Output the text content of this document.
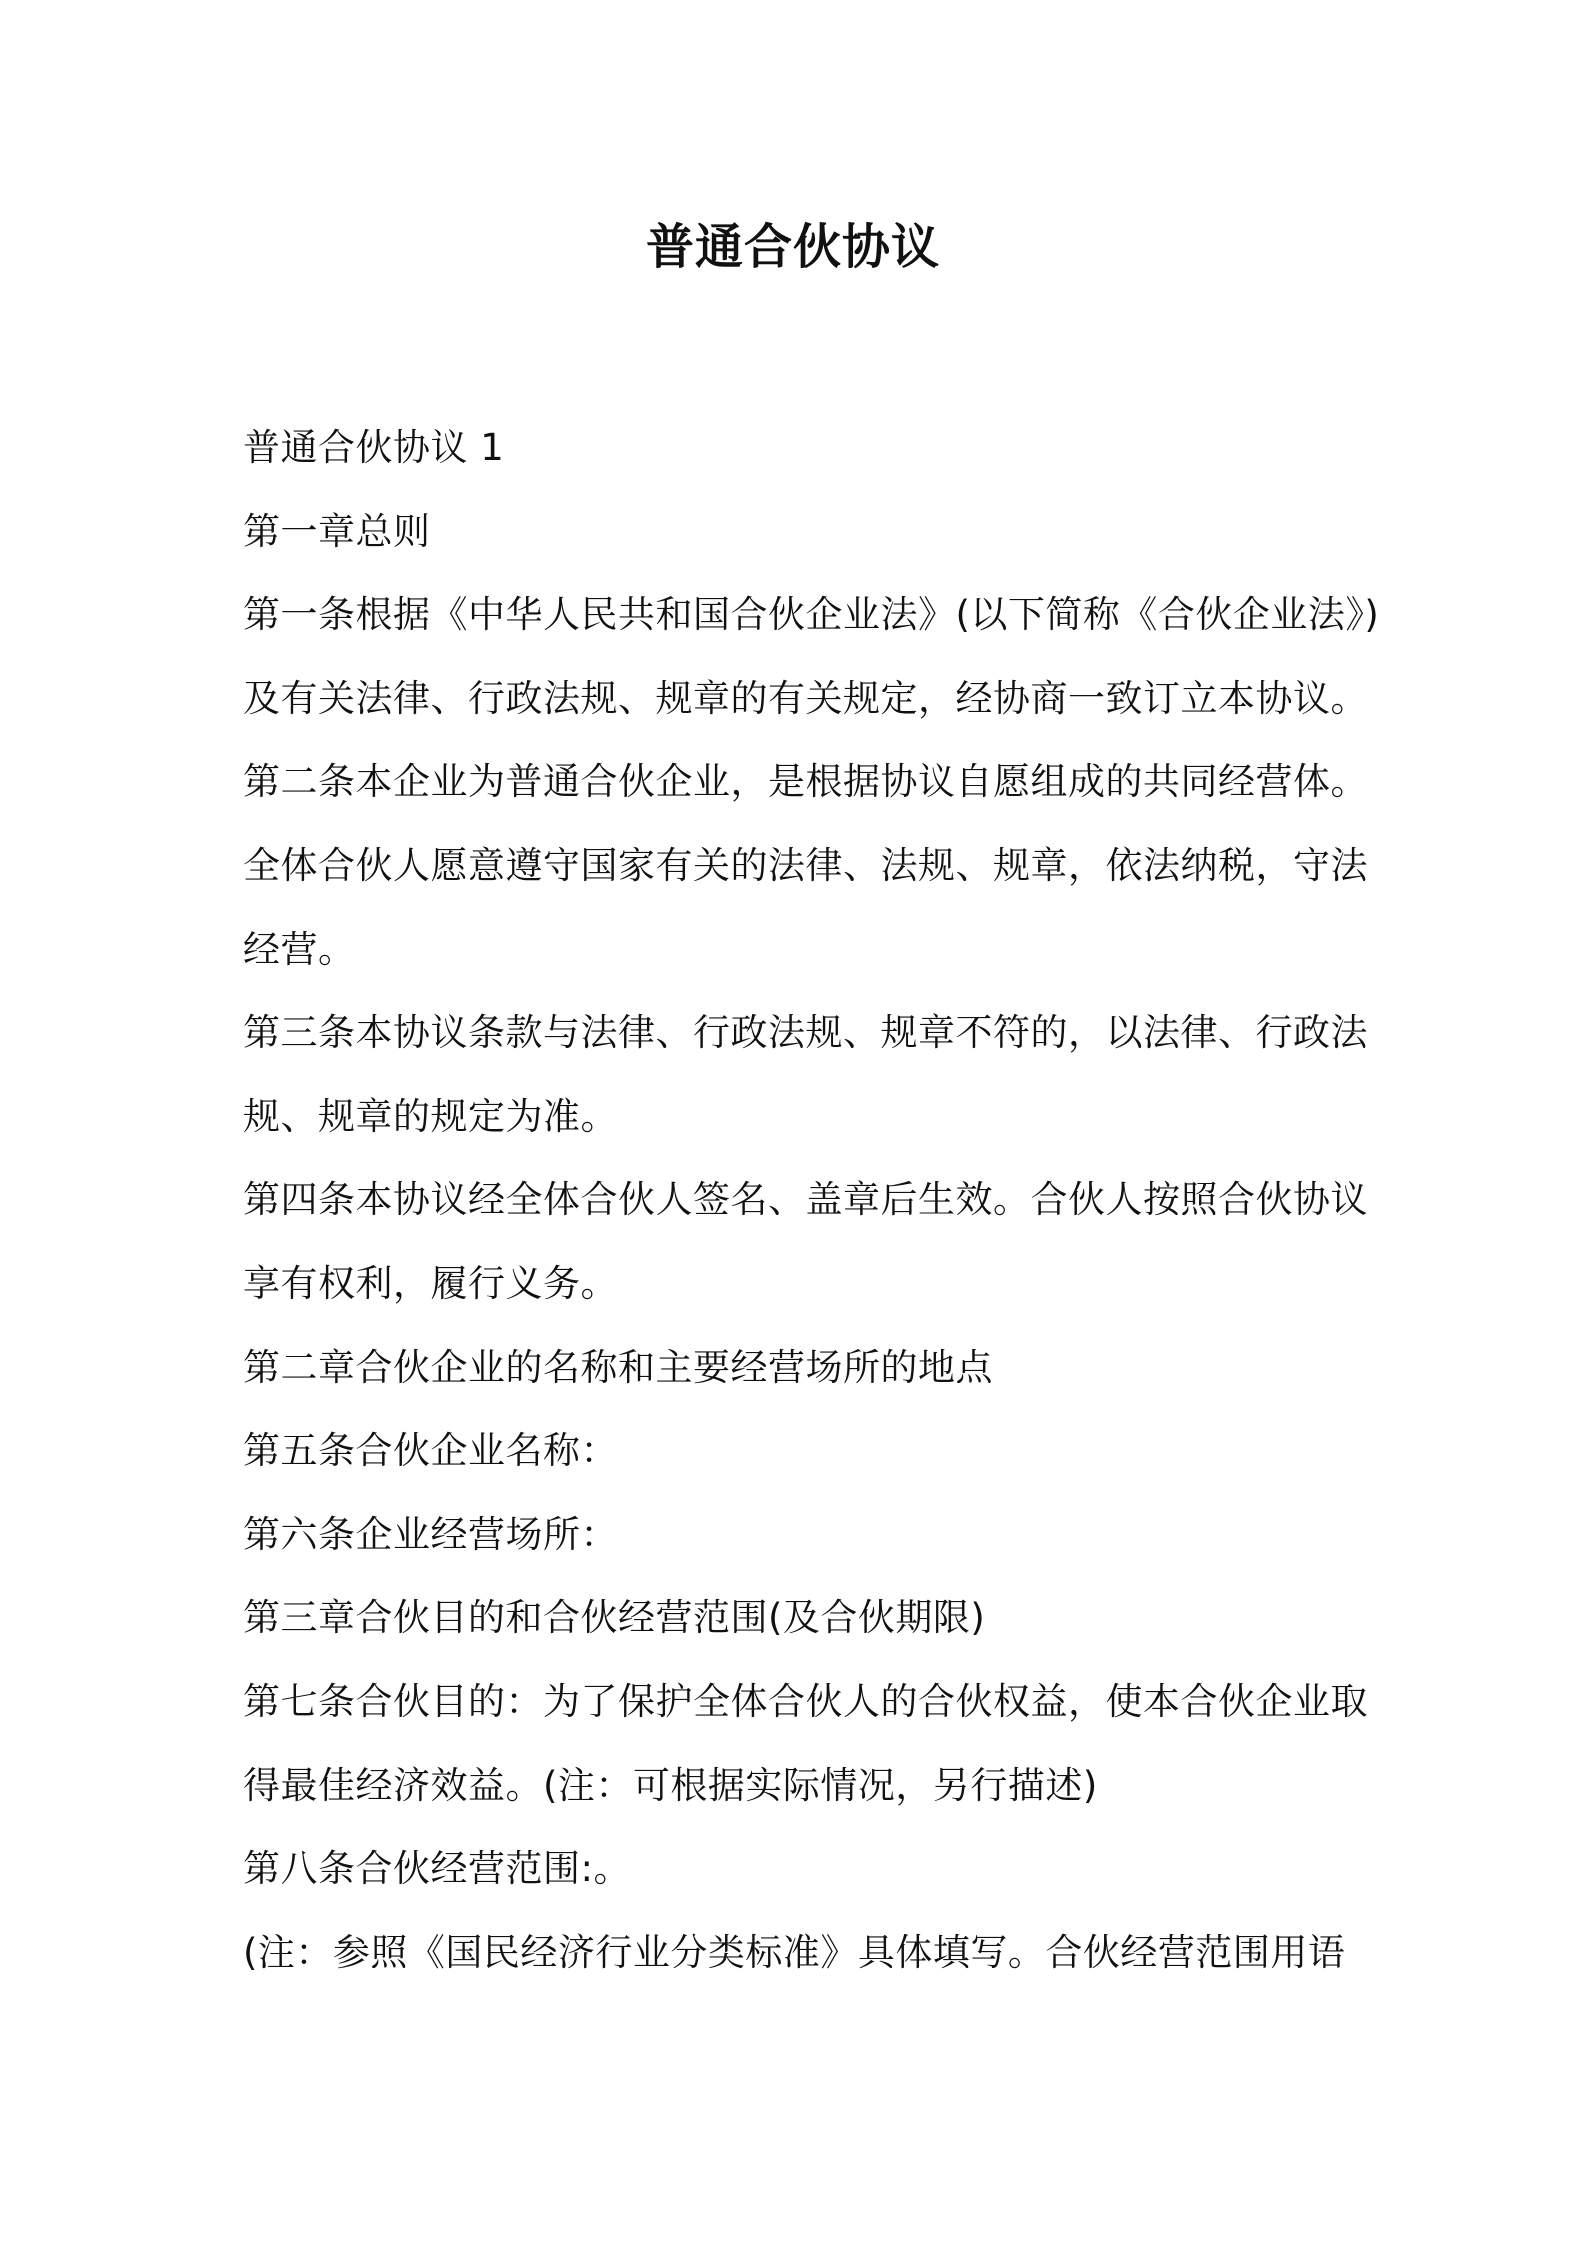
普通合伙协议

普通合伙协议 1

第一章总则

第一条根据《中华人民共和国合伙企业法》(以下简称《合伙企业法》)

及有关法律、行政法规、规章的有关规定，经协商一致订立本协议。

第二条本企业为普通合伙企业，是根据协议自愿组成的共同经营体。

全体合伙人愿意遵守国家有关的法律、法规、规章，依法纳税，守法

经营。

第三条本协议条款与法律、行政法规、规章不符的，以法律、行政法

规、规章的规定为准。

第四条本协议经全体合伙人签名、盖章后生效。合伙人按照合伙协议

享有权利，履行义务。

第二章合伙企业的名称和主要经营场所的地点

第五条合伙企业名称：

第六条企业经营场所：

第三章合伙目的和合伙经营范围(及合伙期限)

第七条合伙目的：为了保护全体合伙人的合伙权益，使本合伙企业取

得最佳经济效益。(注：可根据实际情况，另行描述)

第八条合伙经营范围:。

(注：参照《国民经济行业分类标准》具体填写。合伙经营范围用语
